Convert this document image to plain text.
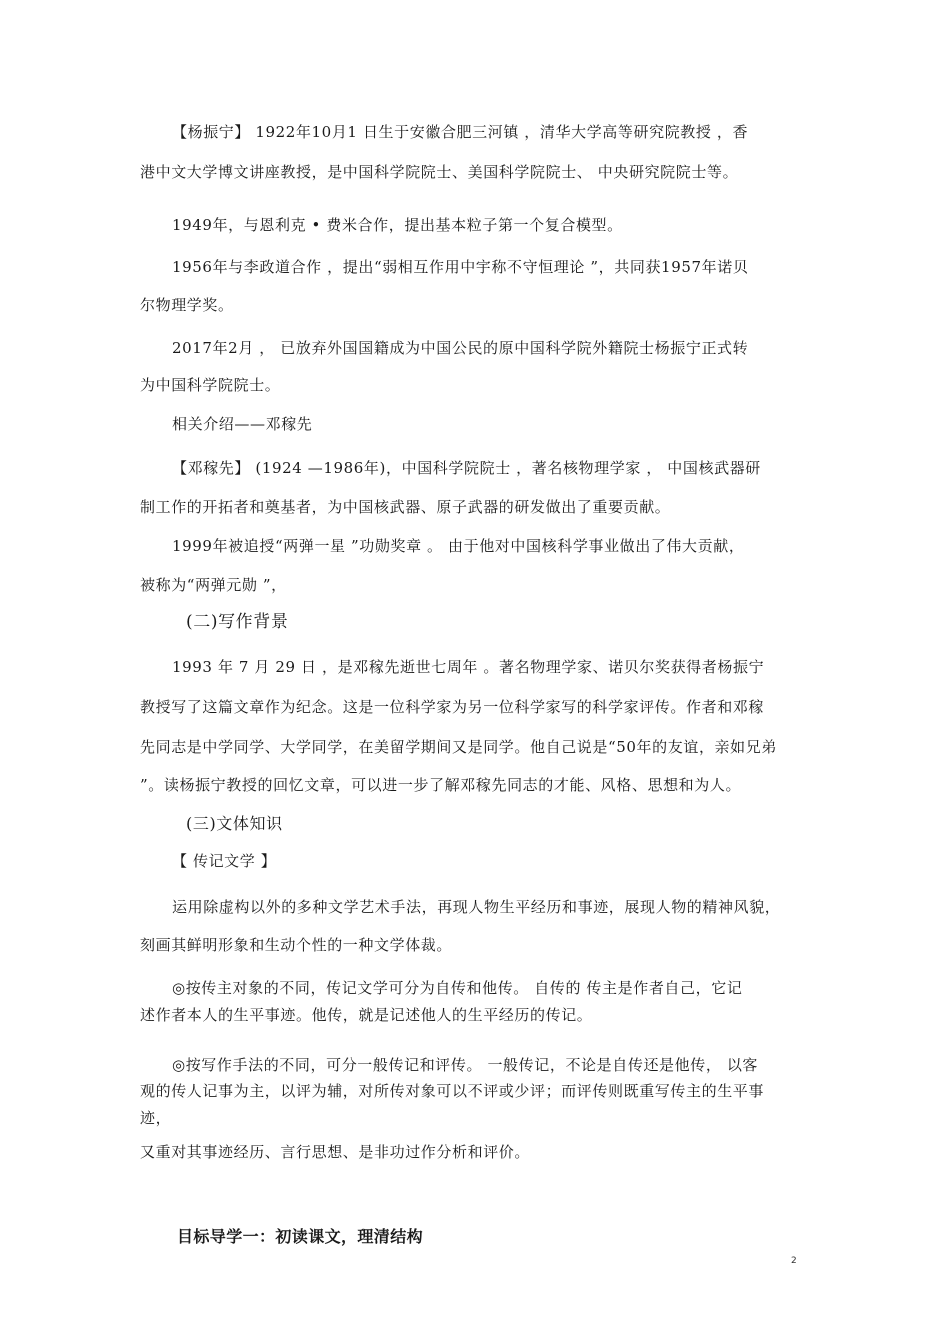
【杨振宁】 1922年10月1 日生于安徽合肥三河镇 ，清华大学高等研究院教授 ，香
港中文大学博文讲座教授，是中国科学院院士、美国科学院院士、 中央研究院院士等。
1949年，与恩利克 • 费米合作，提出基本粒子第一个复合模型。
1956年与李政道合作 ，提出“弱相互作用中宇称不守恒理论 ”，共同获1957年诺贝
尔物理学奖。
2017年2月 ， 已放弃外国国籍成为中国公民的原中国科学院外籍院士杨振宁正式转
为中国科学院院士。
相关介绍——邓稼先
【邓稼先】 (1924 —1986年)，中国科学院院士 ，著名核物理学家 ， 中国核武器研
制工作的开拓者和奠基者，为中国核武器、原子武器的研发做出了重要贡献。
1999年被追授“两弹一星 ”功勋奖章 。 由于他对中国核科学事业做出了伟大贡献，
被称为“两弹元勋 ”，
(二)写作背景
1993 年 7 月 29 日 ，是邓稼先逝世七周年 。著名物理学家、诺贝尔奖获得者杨振宁
教授写了这篇文章作为纪念。这是一位科学家为另一位科学家写的科学家评传。作者和邓稼
先同志是中学同学、大学同学，在美留学期间又是同学。他自己说是“50年的友谊，亲如兄弟
”。读杨振宁教授的回忆文章，可以进一步了解邓稼先同志的才能、风格、思想和为人。
(三)文体知识
【 传记文学 】
运用除虚构以外的多种文学艺术手法，再现人物生平经历和事迹，展现人物的精神风貌，
刻画其鲜明形象和生动个性的一种文学体裁。
◎按传主对象的不同，传记文学可分为自传和他传。 自传的 传主是作者自己，它记
述作者本人的生平事迹。他传，就是记述他人的生平经历的传记。
◎按写作手法的不同，可分一般传记和评传。 一般传记，不论是自传还是他传， 以客
观的传人记事为主，以评为辅，对所传对象可以不评或少评；而评传则既重写传主的生平事
迹，
又重对其事迹经历、言行思想、是非功过作分析和评价。
目标导学一：初读课文，理清结构
2
